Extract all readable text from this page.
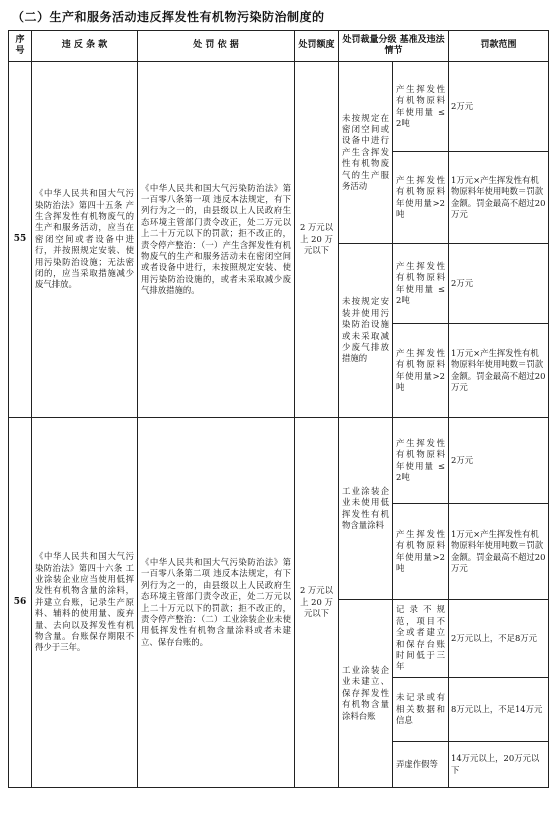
（二）生产和服务活动违反挥发性有机物污染防治制度的
序号	违 反 条 款	处 罚 依 据	处罚额度	处罚裁量分级 基准及违法情节		罚款范围
55	《中华人民共和国大气污染防治法》第四十五条 产生含挥发性有机物废气的生产和服务活动，应当在密闭空间或者设备中进行，并按照规定安装、使用污染防治设施；无法密闭的，应当采取措施减少废气排放。	《中华人民共和国大气污染防治法》第一百零八条第一项 违反本法规定，有下列行为之一的，由县级以上人民政府生态环境主管部门责令改正，处二万元以上二十万元以下的罚款；拒不改正的，责令停产整治：（一）产生含挥发性有机物废气的生产和服务活动未在密闭空间或者设备中进行，未按照规定安装、使用污染防治设施的，或者未采取减少废气排放措施的。	2 万元以上 20 万元以下	未按规定在密闭空间或设备中进行产生含挥发性有机物废气的生产服务活动	产生挥发性有机物原料年使用量 ≤ 2吨	2万元
					产生挥发性有机物原料年使用量>2吨	1万元×产生挥发性有机物原料年使用吨数＝罚款金额。罚金最高不超过20万元
				未按规定安装并使用污染防治设施或未采取减少废气排放措施的	产生挥发性有机物原料年使用量 ≤ 2吨	2万元
					产生挥发性有机物原料年使用量>2吨	1万元×产生挥发性有机物原料年使用吨数＝罚款金额。罚金最高不超过20万元
56	《中华人民共和国大气污染防治法》第四十六条 工业涂装企业应当使用低挥发性有机物含量的涂料，并建立台账，记录生产原料、辅料的使用量、废弃量、去向以及挥发性有机物含量。台账保存期限不得少于三年。	《中华人民共和国大气污染防治法》第一百零八条第二项 违反本法规定，有下列行为之一的，由县级以上人民政府生态环境主管部门责令改正，处二万元以上二十万元以下的罚款；拒不改正的，责令停产整治：（二）工业涂装企业未使用低挥发性有机物含量涂料或者未建立、保存台账的。	2 万元以上 20 万元以下	工业涂装企业未使用低挥发性有机物含量涂料	产生挥发性有机物原料年使用量 ≤ 2吨	2万元
					产生挥发性有机物原料年使用量>2吨	1万元×产生挥发性有机物原料年使用吨数＝罚款金额。罚金最高不超过20万元
				工业涂装企业未建立、保存挥发性有机物含量涂料台账	记录不规范，项目不全或者建立和保存台账时间低于三年	2万元以上，不足8万元
					未记录或有相关数据和信息	8万元以上，不足14万元
					弄虚作假等	14万元以上，20万元以下
